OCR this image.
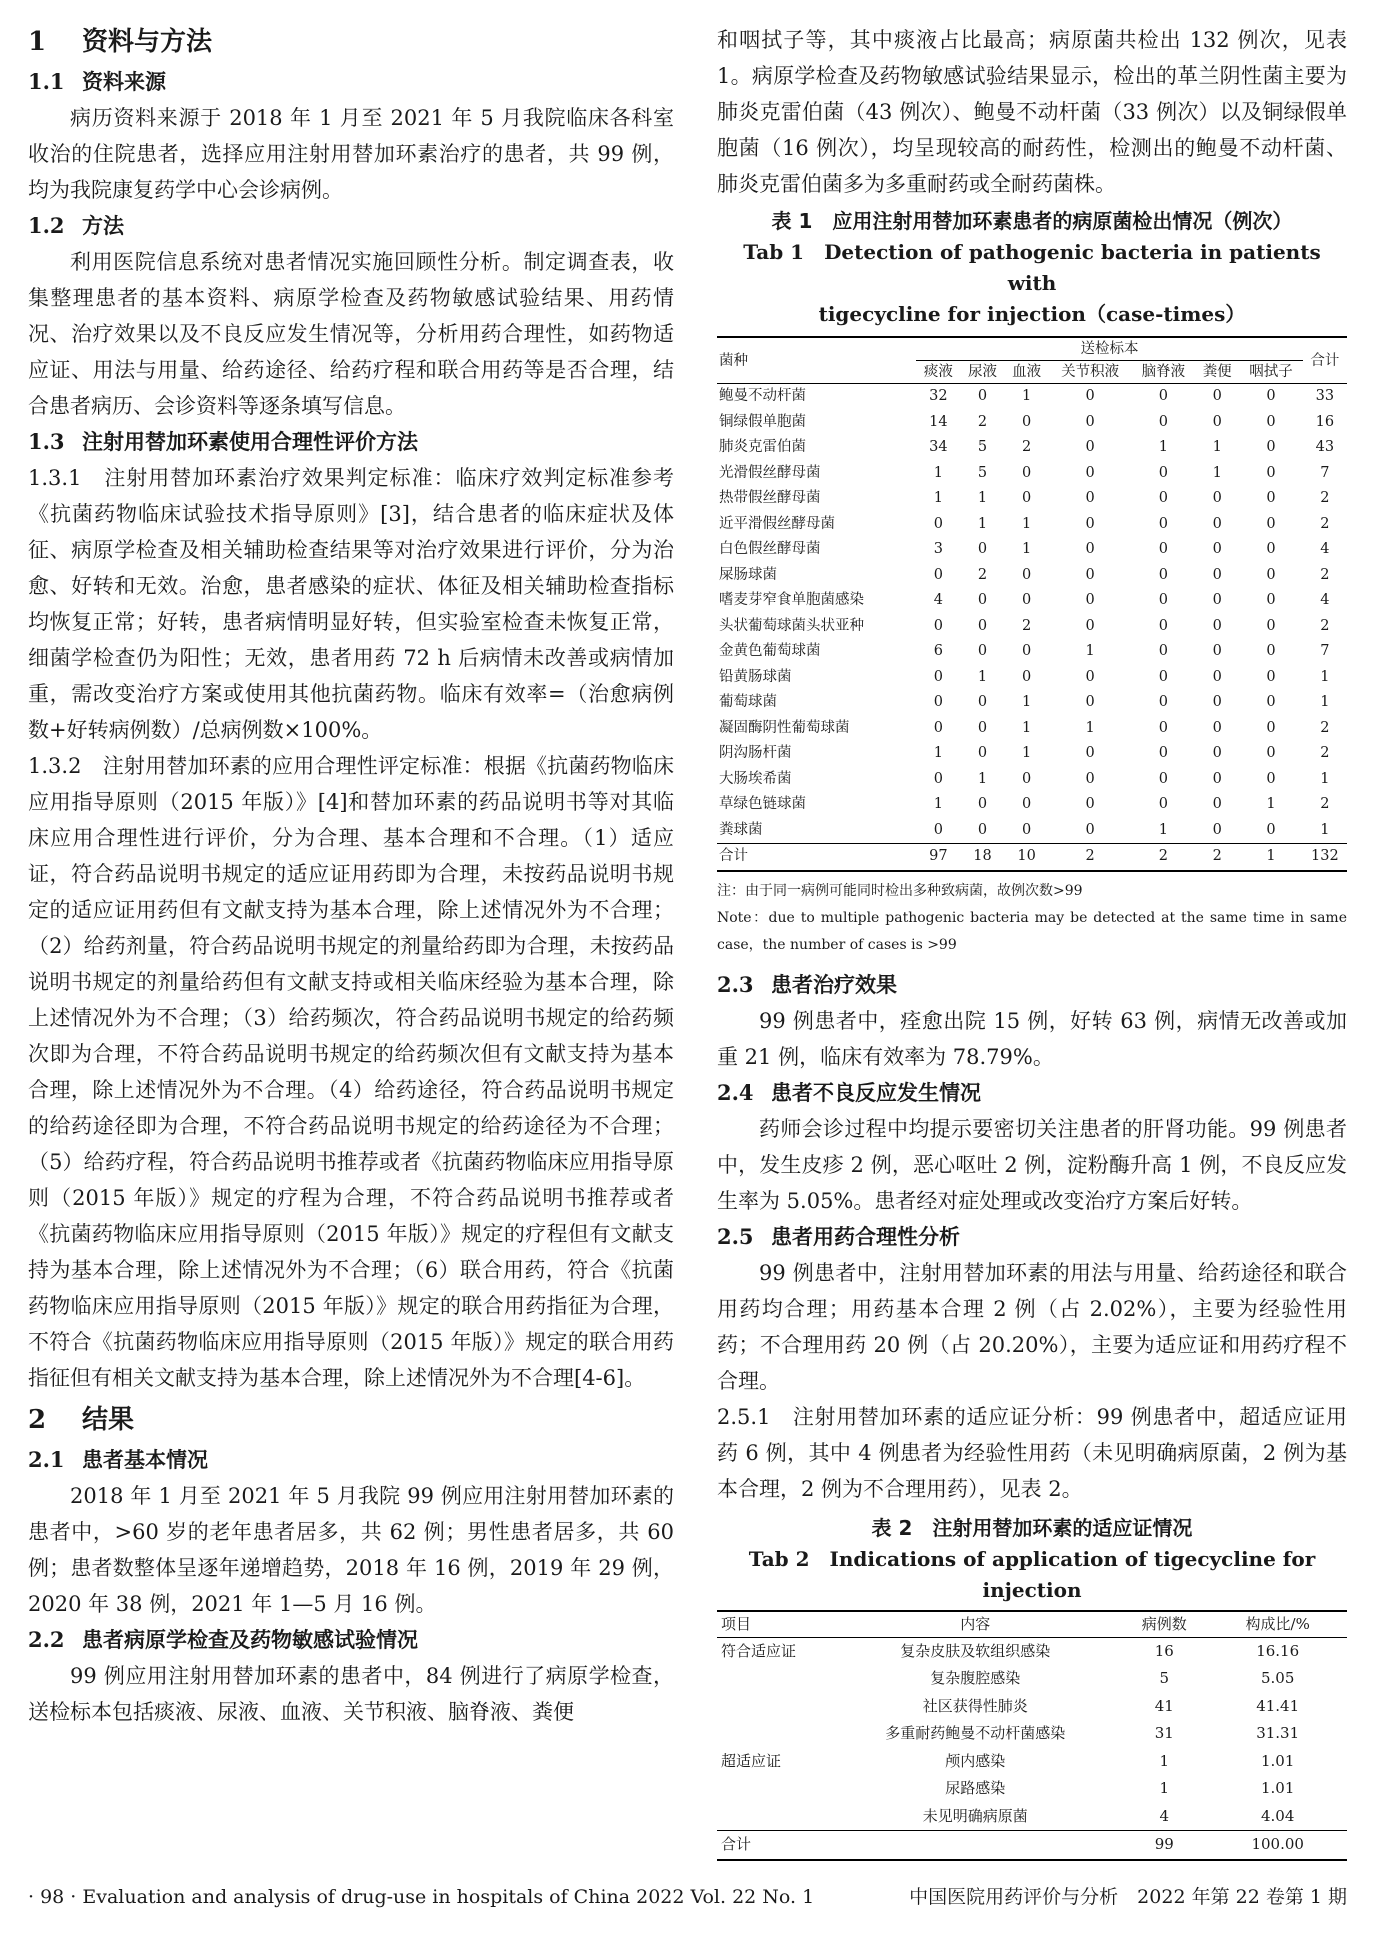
1 资料与方法
1.1 资料来源

病历资料来源于 2018 年 1 月至 2021 年 5 月我院临床各科室收治的住院患者，选择应用注射用替加环素治疗的患者，共 99 例，均为我院康复药学中心会诊病例。

1.2 方法

利用医院信息系统对患者情况实施回顾性分析。制定调查表，收集整理患者的基本资料、病原学检查及药物敏感试验结果、用药情况、治疗效果以及不良反应发生情况等，分析用药合理性，如药物适应证、用法与用量、给药途径、给药疗程和联合用药等是否合理，结合患者病历、会诊资料等逐条填写信息。

1.3 注射用替加环素使用合理性评价方法

1.3.1　注射用替加环素治疗效果判定标准：临床疗效判定标准参考《抗菌药物临床试验技术指导原则》[3]，结合患者的临床症状及体征、病原学检查及相关辅助检查结果等对治疗效果进行评价，分为治愈、好转和无效。治愈，患者感染的症状、体征及相关辅助检查指标均恢复正常；好转，患者病情明显好转，但实验室检查未恢复正常，细菌学检查仍为阳性；无效，患者用药 72 h 后病情未改善或病情加重，需改变治疗方案或使用其他抗菌药物。临床有效率=（治愈病例数+好转病例数）/总病例数×100%。

1.3.2　注射用替加环素的应用合理性评定标准：根据《抗菌药物临床应用指导原则（2015 年版）》[4]和替加环素的药品说明书等对其临床应用合理性进行评价，分为合理、基本合理和不合理。（1）适应证，符合药品说明书规定的适应证用药即为合理，未按药品说明书规定的适应证用药但有文献支持为基本合理，除上述情况外为不合理；（2）给药剂量，符合药品说明书规定的剂量给药即为合理，未按药品说明书规定的剂量给药但有文献支持或相关临床经验为基本合理，除上述情况外为不合理；（3）给药频次，符合药品说明书规定的给药频次即为合理，不符合药品说明书规定的给药频次但有文献支持为基本合理，除上述情况外为不合理。（4）给药途径，符合药品说明书规定的给药途径即为合理，不符合药品说明书规定的给药途径为不合理；（5）给药疗程，符合药品说明书推荐或者《抗菌药物临床应用指导原则（2015 年版）》规定的疗程为合理，不符合药品说明书推荐或者《抗菌药物临床应用指导原则（2015 年版）》规定的疗程但有文献支持为基本合理，除上述情况外为不合理；（6）联合用药，符合《抗菌药物临床应用指导原则（2015 年版）》规定的联合用药指征为合理，不符合《抗菌药物临床应用指导原则（2015 年版）》规定的联合用药指征但有相关文献支持为基本合理，除上述情况外为不合理[4-6]。

2 结果
2.1 患者基本情况

2018 年 1 月至 2021 年 5 月我院 99 例应用注射用替加环素的患者中，>60 岁的老年患者居多，共 62 例；男性患者居多，共 60 例；患者数整体呈逐年递增趋势，2018 年 16 例，2019 年 29 例，2020 年 38 例，2021 年 1—5 月 16 例。

2.2 患者病原学检查及药物敏感试验情况

99 例应用注射用替加环素的患者中，84 例进行了病原学检查，送检标本包括痰液、尿液、血液、关节积液、脑脊液、粪便

和咽拭子等，其中痰液占比最高；病原菌共检出 132 例次，见表 1。病原学检查及药物敏感试验结果显示，检出的革兰阴性菌主要为肺炎克雷伯菌（43 例次）、鲍曼不动杆菌（33 例次）以及铜绿假单胞菌（16 例次），均呈现较高的耐药性，检测出的鲍曼不动杆菌、肺炎克雷伯菌多为多重耐药或全耐药菌株。

表 1　应用注射用替加环素患者的病原菌检出情况（例次）

Tab 1　Detection of pathogenic bacteria in patients with

tigecycline for injection（case-times）

菌种	送检标本							合计
	痰液	尿液	血液	关节积液	脑脊液	粪便	咽拭子	
鲍曼不动杆菌	32	0	1	0	0	0	0	33
铜绿假单胞菌	14	2	0	0	0	0	0	16
肺炎克雷伯菌	34	5	2	0	1	1	0	43
光滑假丝酵母菌	1	5	0	0	0	1	0	7
热带假丝酵母菌	1	1	0	0	0	0	0	2
近平滑假丝酵母菌	0	1	1	0	0	0	0	2
白色假丝酵母菌	3	0	1	0	0	0	0	4
屎肠球菌	0	2	0	0	0	0	0	2
嗜麦芽窄食单胞菌感染	4	0	0	0	0	0	0	4
头状葡萄球菌头状亚种	0	0	2	0	0	0	0	2
金黄色葡萄球菌	6	0	0	1	0	0	0	7
铅黄肠球菌	0	1	0	0	0	0	0	1
葡萄球菌	0	0	1	0	0	0	0	1
凝固酶阴性葡萄球菌	0	0	1	1	0	0	0	2
阴沟肠杆菌	1	0	1	0	0	0	0	2
大肠埃希菌	0	1	0	0	0	0	0	1
草绿色链球菌	1	0	0	0	0	0	1	2
粪球菌	0	0	0	0	1	0	0	1
合计	97	18	10	2	2	2	1	132

注：由于同一病例可能同时检出多种致病菌，故例次数>99

Note：due to multiple pathogenic bacteria may be detected at the same time in same case，the number of cases is >99

2.3 患者治疗效果

99 例患者中，痊愈出院 15 例，好转 63 例，病情无改善或加重 21 例，临床有效率为 78.79%。

2.4 患者不良反应发生情况

药师会诊过程中均提示要密切关注患者的肝肾功能。99 例患者中，发生皮疹 2 例，恶心呕吐 2 例，淀粉酶升高 1 例，不良反应发生率为 5.05%。患者经对症处理或改变治疗方案后好转。

2.5 患者用药合理性分析

99 例患者中，注射用替加环素的用法与用量、给药途径和联合用药均合理；用药基本合理 2 例（占 2.02%），主要为经验性用药；不合理用药 20 例（占 20.20%），主要为适应证和用药疗程不合理。

2.5.1　注射用替加环素的适应证分析：99 例患者中，超适应证用药 6 例，其中 4 例患者为经验性用药（未见明确病原菌，2 例为基本合理，2 例为不合理用药），见表 2。

表 2　注射用替加环素的适应证情况

Tab 2　Indications of application of tigecycline for injection

项目	内容	病例数	构成比/%
符合适应证	复杂皮肤及软组织感染	16	16.16
	复杂腹腔感染	5	5.05
	社区获得性肺炎	41	41.41
	多重耐药鲍曼不动杆菌感染	31	31.31
超适应证	颅内感染	1	1.01
	尿路感染	1	1.01
	未见明确病原菌	4	4.04
合计		99	100.00
· 98 · Evaluation and analysis of drug-use in hospitals of China 2022 Vol. 22 No. 1	中国医院用药评价与分析　2022 年第 22 卷第 1 期
